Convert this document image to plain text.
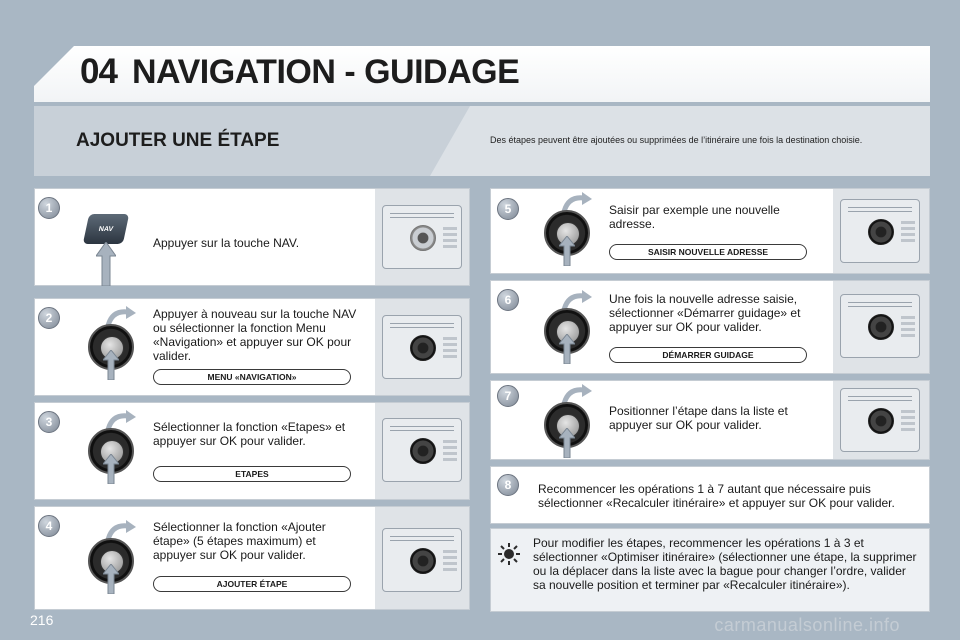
04 NAVIGATION - GUIDAGE
AJOUTER UNE ÉTAPE	Des étapes peuvent être ajoutées ou supprimées de l’itinéraire une fois la destination choisie.
1
NAV
Appuyer sur la touche NAV.
2	Appuyer à nouveau sur la touche NAV ou sélectionner la fonction Menu «Navigation» et appuyer sur OK pour valider.
MENU «NAVIGATION»
3	Sélectionner la fonction «Etapes» et appuyer sur OK pour valider.
ETAPES
4	Sélectionner la fonction «Ajouter étape» (5 étapes maximum) et appuyer sur OK pour valider.
AJOUTER ÉTAPE
5	Saisir par exemple une nouvelle adresse.
SAISIR NOUVELLE ADRESSE
6	Une fois la nouvelle adresse saisie, sélectionner «Démarrer guidage» et appuyer sur OK pour valider.
DÉMARRER GUIDAGE
7
Positionner l’étape dans la liste et appuyer sur OK pour valider.
8	Recommencer les opérations 1 à 7 autant que nécessaire puis sélectionner «Recalculer itinéraire» et appuyer sur OK pour valider.
Pour modifier les étapes, recommencer les opérations 1 à 3 et sélectionner «Optimiser itinéraire» (sélectionner une étape, la supprimer ou la déplacer dans la liste avec la bague pour changer l’ordre, valider sa nouvelle position et terminer par «Recalculer itinéraire»).
216	carmanualsonline.info
